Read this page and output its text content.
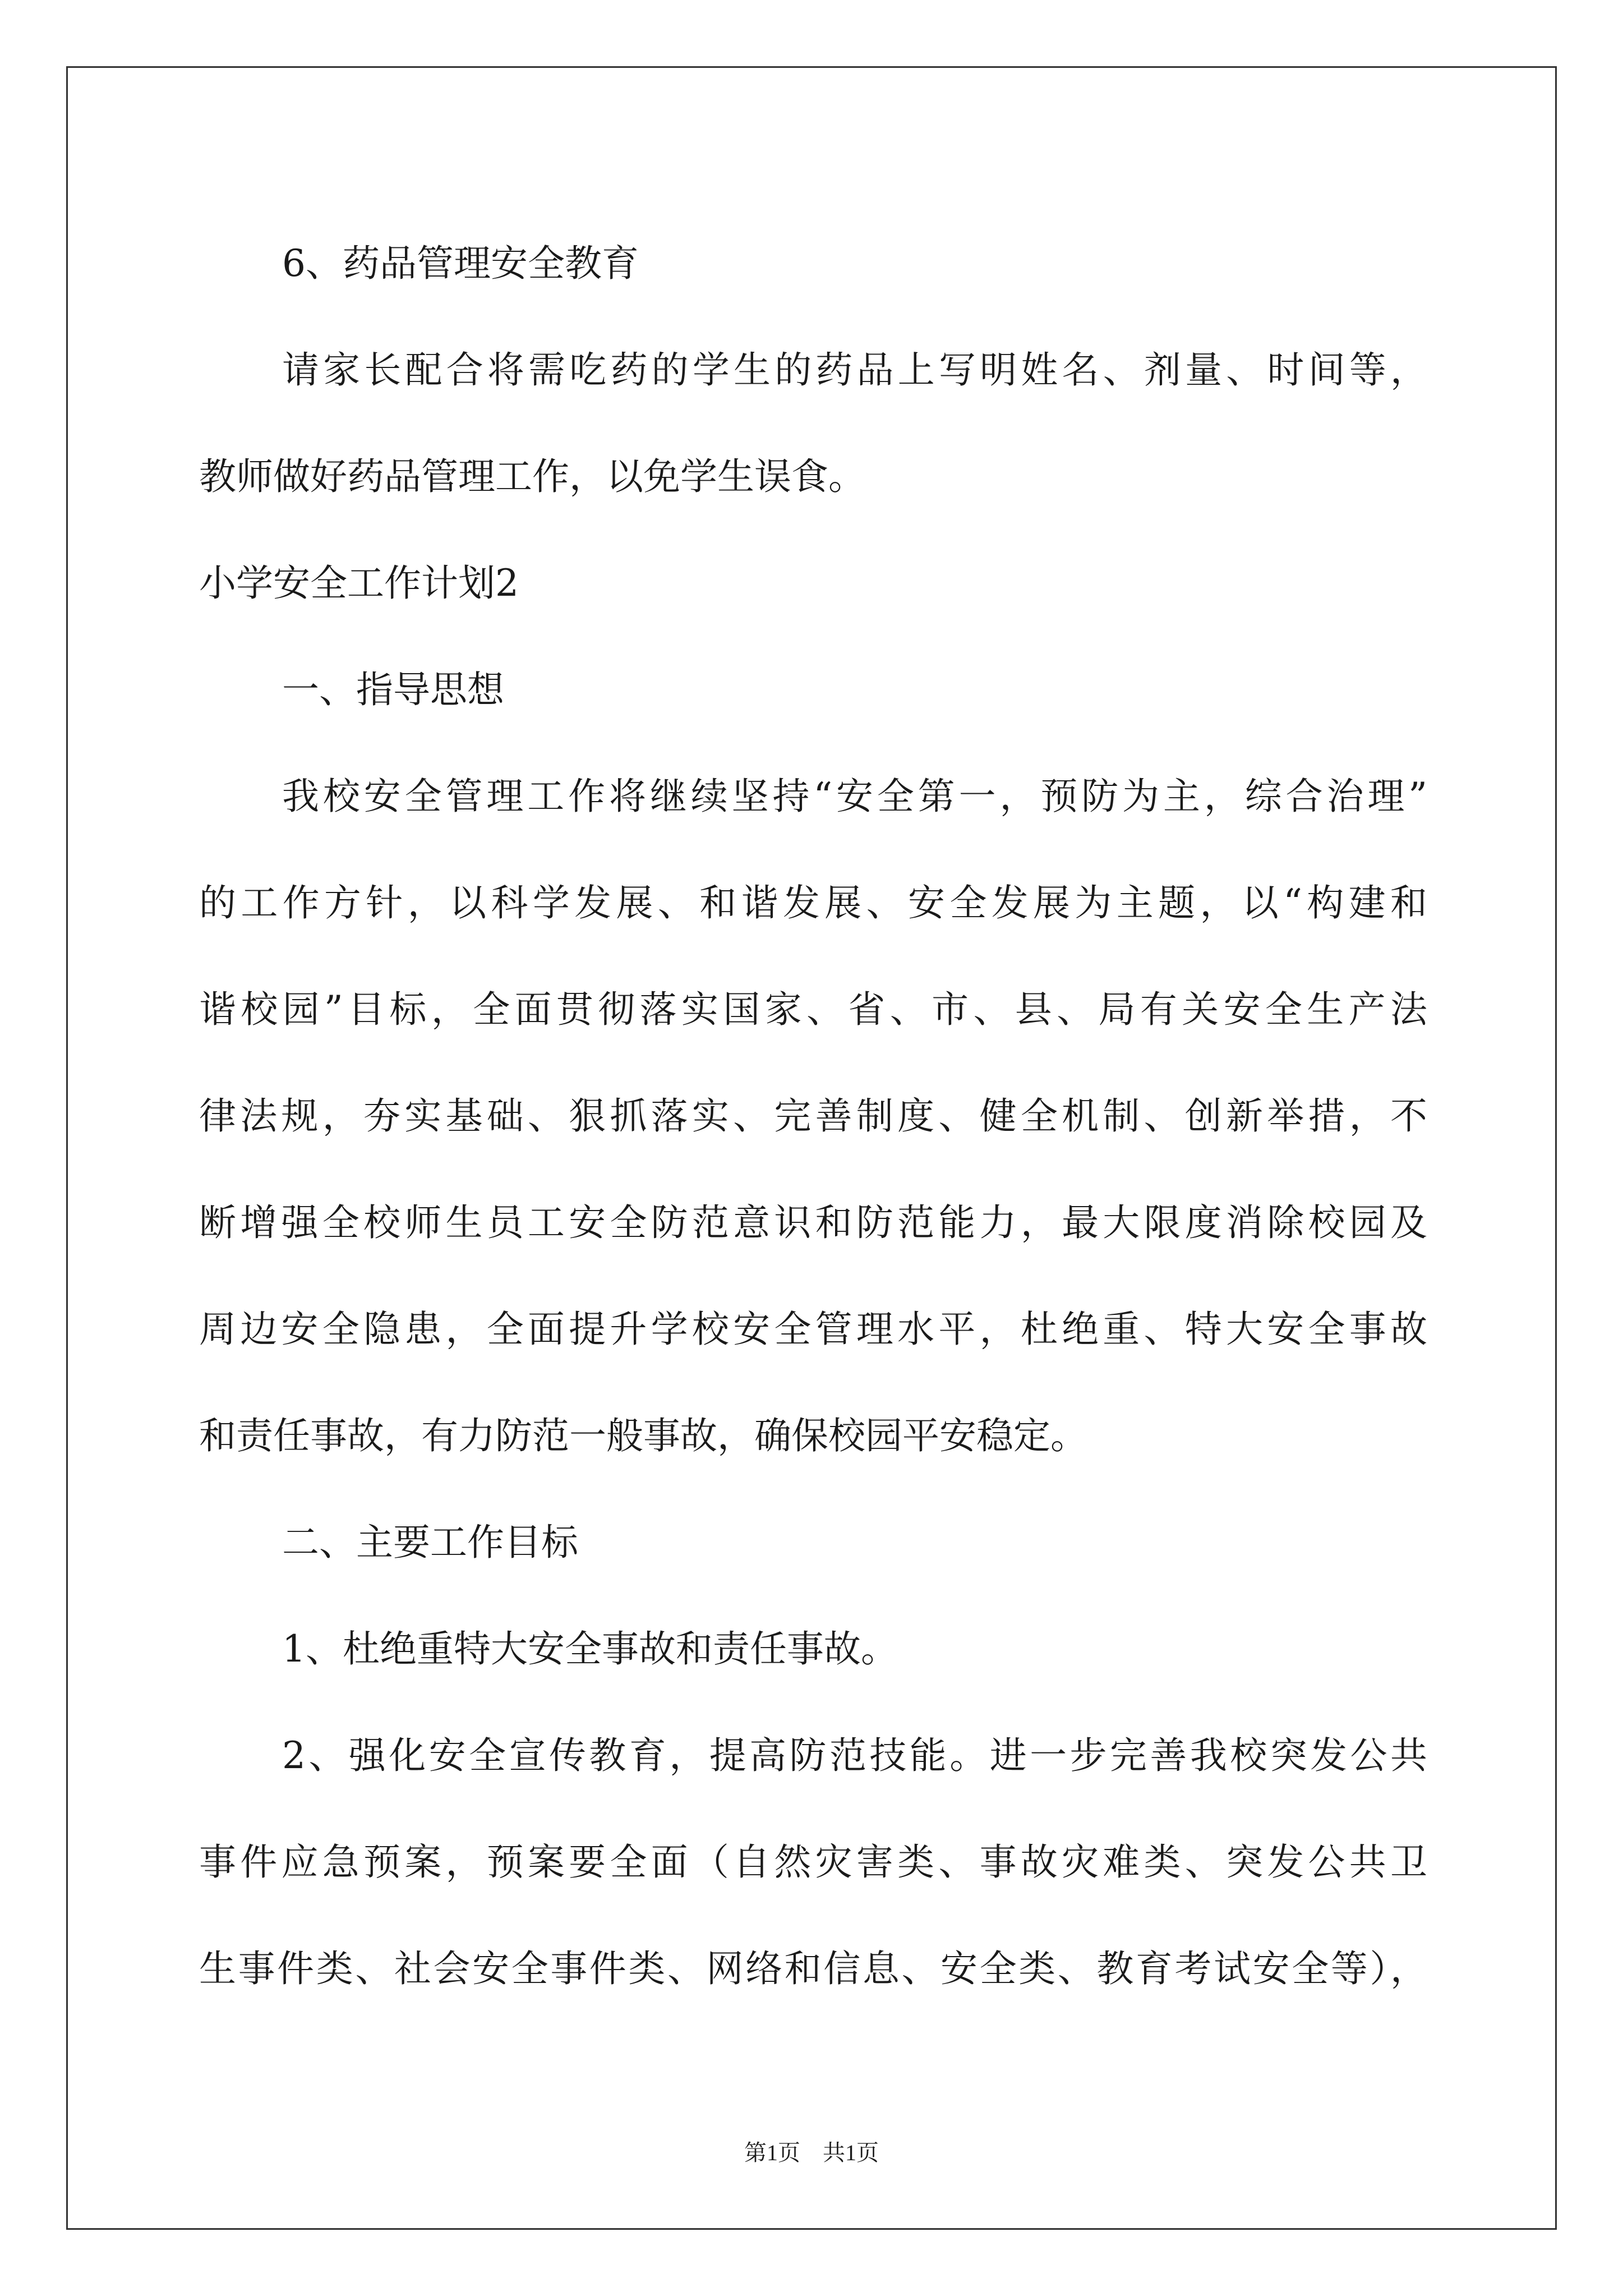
6、药品管理安全教育

请家长配合将需吃药的学生的药品上写明姓名、剂量、时间等，

教师做好药品管理工作，以免学生误食。

小学安全工作计划2

一、指导思想

我校安全管理工作将继续坚持“安全第一，预防为主，综合治理”

的工作方针，以科学发展、和谐发展、安全发展为主题，以“构建和

谐校园”目标，全面贯彻落实国家、省、市、县、局有关安全生产法

律法规，夯实基础、狠抓落实、完善制度、健全机制、创新举措，不

断增强全校师生员工安全防范意识和防范能力，最大限度消除校园及

周边安全隐患，全面提升学校安全管理水平，杜绝重、特大安全事故

和责任事故，有力防范一般事故，确保校园平安稳定。

二、主要工作目标

1、杜绝重特大安全事故和责任事故。

2、强化安全宣传教育，提高防范技能。进一步完善我校突发公共

事件应急预案，预案要全面（自然灾害类、事故灾难类、突发公共卫

生事件类、社会安全事件类、网络和信息、安全类、教育考试安全等），

第1页　共1页
